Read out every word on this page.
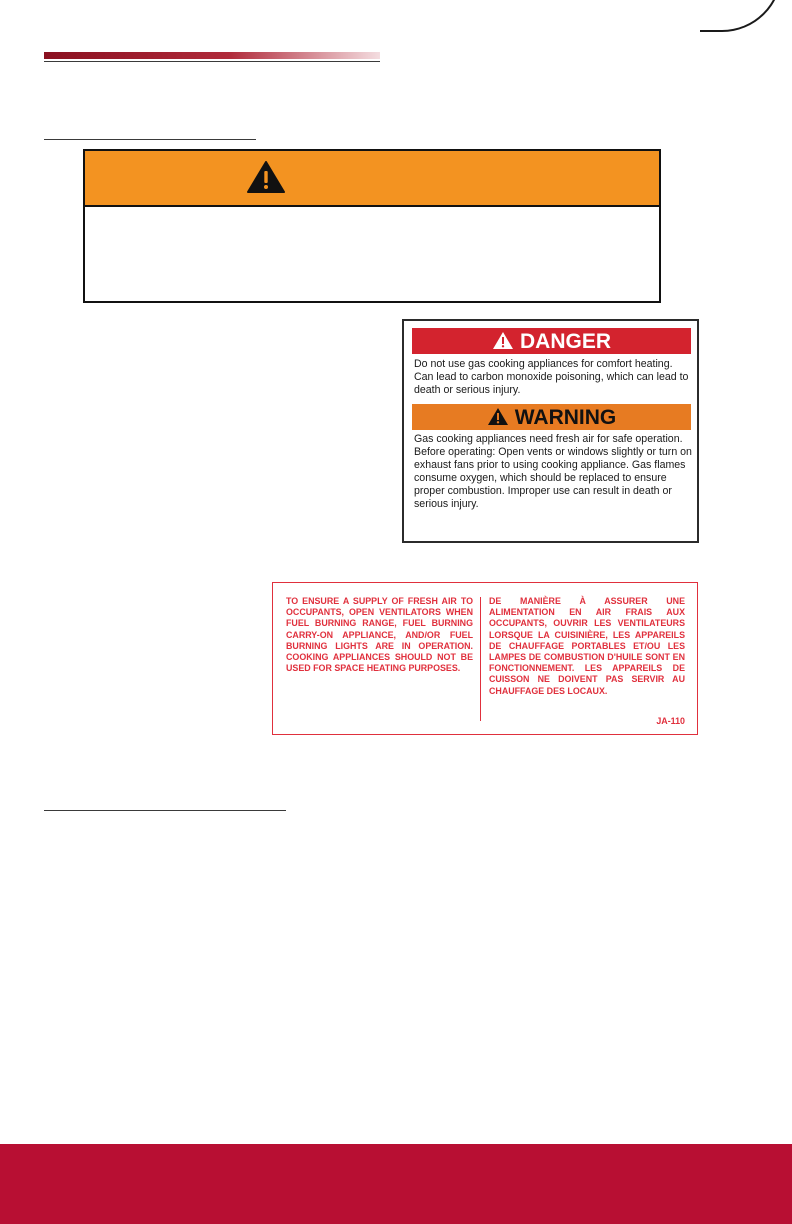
DANGER
Do not use gas cooking appliances for comfort heating. Can lead to carbon monoxide poisoning, which can lead to death or serious injury.
WARNING
Gas cooking appliances need fresh air for safe operation. Before operating: Open vents or windows slightly or turn on exhaust fans prior to using cooking appliance. Gas flames consume oxygen, which should be replaced to ensure proper combustion. Improper use can result in death or serious injury.
TO ENSURE A SUPPLY OF FRESH AIR TO OCCUPANTS, OPEN VENTILATORS WHEN FUEL BURNING RANGE, FUEL BURNING CARRY-ON APPLIANCE, AND/OR FUEL BURNING LIGHTS ARE IN OPERATION. COOKING APPLIANCES SHOULD NOT BE USED FOR SPACE HEATING PURPOSES.
DE MANIÈRE À ASSURER UNE ALIMENTATION EN AIR FRAIS AUX OCCUPANTS, OUVRIR LES VENTILATEURS LORSQUE LA CUISINIÈRE, LES APPAREILS DE CHAUFFAGE PORTABLES ET/OU LES LAMPES DE COMBUSTION D'HUILE SONT EN FONCTIONNEMENT. LES APPAREILS DE CUISSON NE DOIVENT PAS SERVIR AU CHAUFFAGE DES LOCAUX.
JA-110
